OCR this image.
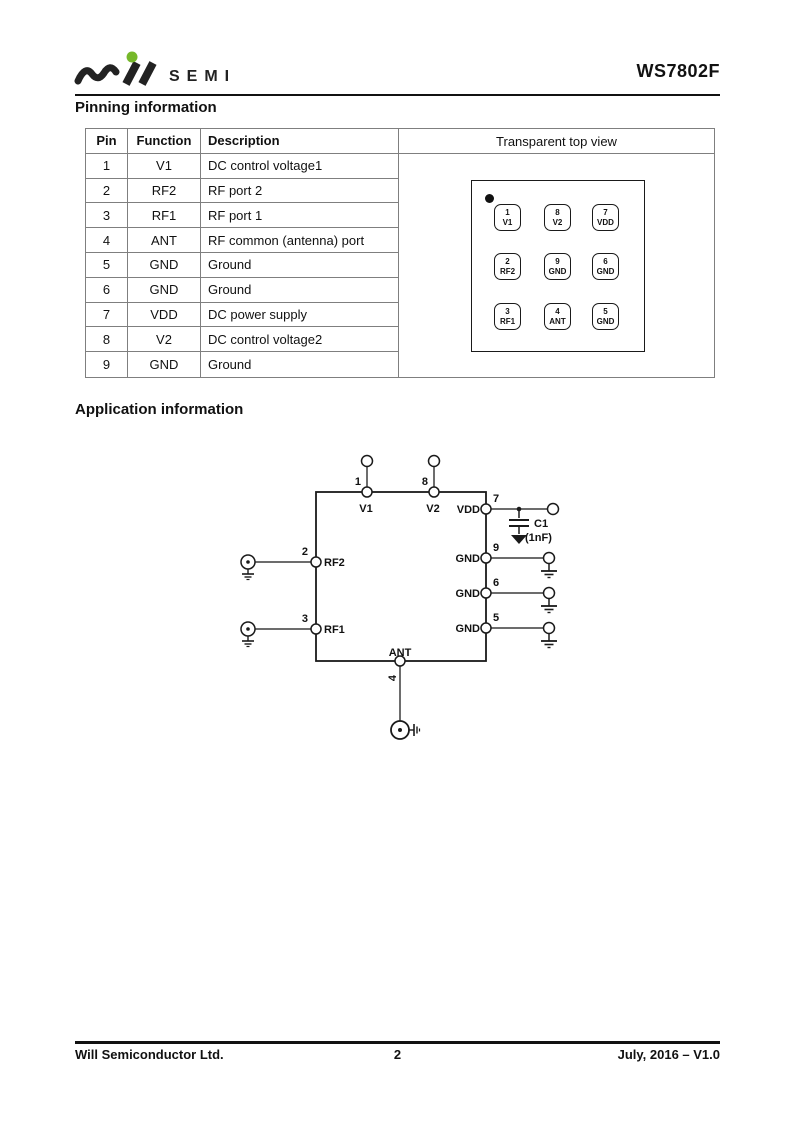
SEMI	WS7802F
Pinning information
Pin	Function	Description
1	V1	DC control voltage1
2	RF2	RF port 2
3	RF1	RF port 1
4	ANT	RF common (antenna) port
5	GND	Ground
6	GND	Ground
7	VDD	DC power supply
8	V2	DC control voltage2
9	GND	Ground
Transparent top view
1
V1
8
V2
7
VDD
2
RF2
9
GND
6
GND
3
RF1
4
ANT
5
GND
Application information
1	8
V1	V2 VDD
7
C1
(1nF)
GND
9
GND
6
GND
5
2
RF2
3
RF1
ANT
4
Will Semiconductor Ltd.	2	July, 2016 – V1.0
